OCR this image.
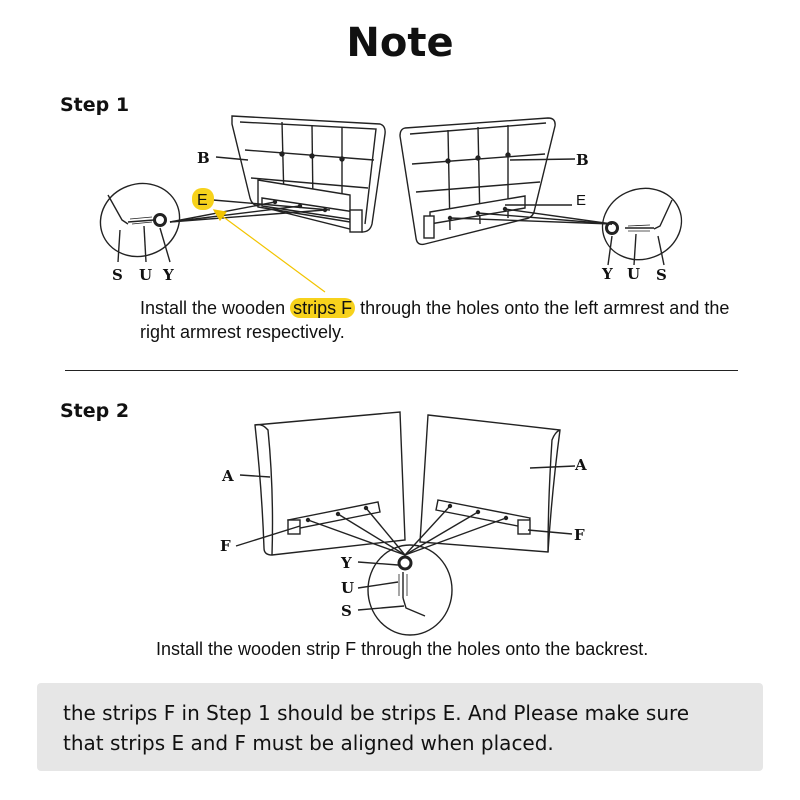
Note
Step 1
Step 2
B	B
E	E
S U Y	Y U S
A
A
F
F
Y
U
S
Install the wooden strips F through the holes onto the left armrest and the right armrest respectively.
Install the wooden strip F through the holes onto the backrest.
the strips F in Step 1 should be strips E. And Please make sure
that strips E and F must be aligned when placed.
